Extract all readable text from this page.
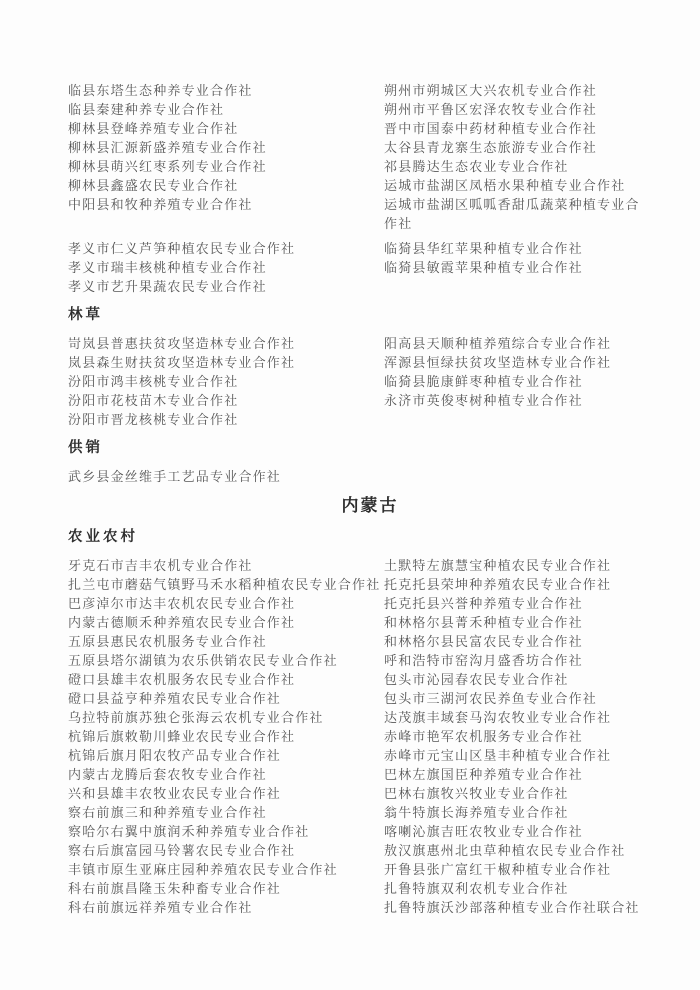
临县东塔生态种养专业合作社
临县秦建种养专业合作社
柳林县登峰养殖专业合作社
柳林县汇源新盛养殖专业合作社
柳林县萌兴红枣系列专业合作社
柳林县鑫盛农民专业合作社
中阳县和牧种养殖专业合作社
朔州市朔城区大兴农机专业合作社
朔州市平鲁区宏泽农牧专业合作社
晋中市国泰中药材种植专业合作社
太谷县青龙寨生态旅游专业合作社
祁县腾达生态农业专业合作社
运城市盐湖区凤梧水果种植专业合作社
运城市盐湖区呱呱香甜瓜蔬菜种植专业合作社
孝义市仁义芦笋种植农民专业合作社
孝义市瑞丰核桃种植专业合作社
孝义市艺升果蔬农民专业合作社
临猗县华红苹果种植专业合作社
临猗县敏霞苹果种植专业合作社
林草
岢岚县普惠扶贫攻坚造林专业合作社
岚县森生财扶贫攻坚造林专业合作社
汾阳市鸿丰核桃专业合作社
汾阳市花枝苗木专业合作社
汾阳市晋龙核桃专业合作社
阳高县天顺种植养殖综合专业合作社
浑源县恒绿扶贫攻坚造林专业合作社
临猗县脆康鲜枣种植专业合作社
永济市英俊枣树种植专业合作社
供销
武乡县金丝维手工艺品专业合作社
内蒙古
农业农村
牙克石市吉丰农机专业合作社
扎兰屯市蘑菇气镇野马禾水稻种植农民专业合作社
巴彦淖尔市达丰农机农民专业合作社
内蒙古德顺禾种养殖农民专业合作社
五原县惠民农机服务专业合作社
五原县塔尔湖镇为农乐供销农民专业合作社
磴口县雄丰农机服务农民专业合作社
磴口县益亨种养殖农民专业合作社
乌拉特前旗苏独仑张海云农机专业合作社
杭锦后旗敕勒川蜂业农民专业合作社
杭锦后旗月阳农牧产品专业合作社
内蒙古龙腾后套农牧专业合作社
兴和县雄丰农牧业农民专业合作社
察右前旗三和种养殖专业合作社
察哈尔右翼中旗润禾种养殖专业合作社
察右后旗富园马铃薯农民专业合作社
丰镇市原生亚麻庄园种养殖农民专业合作社
科右前旗昌隆玉朱种畜专业合作社
科右前旗远祥养殖专业合作社
土默特左旗慧宝种植农民专业合作社
托克托县荣坤种养殖农民专业合作社
托克托县兴誉种养殖专业合作社
和林格尔县菁禾种植专业合作社
和林格尔县民富农民专业合作社
呼和浩特市窑沟月盛香坊合作社
包头市沁园春农民专业合作社
包头市三湖河农民养鱼专业合作社
达茂旗丰域套马沟农牧业专业合作社
赤峰市艳军农机服务专业合作社
赤峰市元宝山区垦丰种植专业合作社
巴林左旗国臣种养殖专业合作社
巴林右旗牧兴牧业专业合作社
翁牛特旗长海养殖专业合作社
喀喇沁旗吉旺农牧业专业合作社
敖汉旗惠州北虫草种植农民专业合作社
开鲁县张广富红干椒种植专业合作社
扎鲁特旗双利农机专业合作社
扎鲁特旗沃沙部落种植专业合作社联合社
